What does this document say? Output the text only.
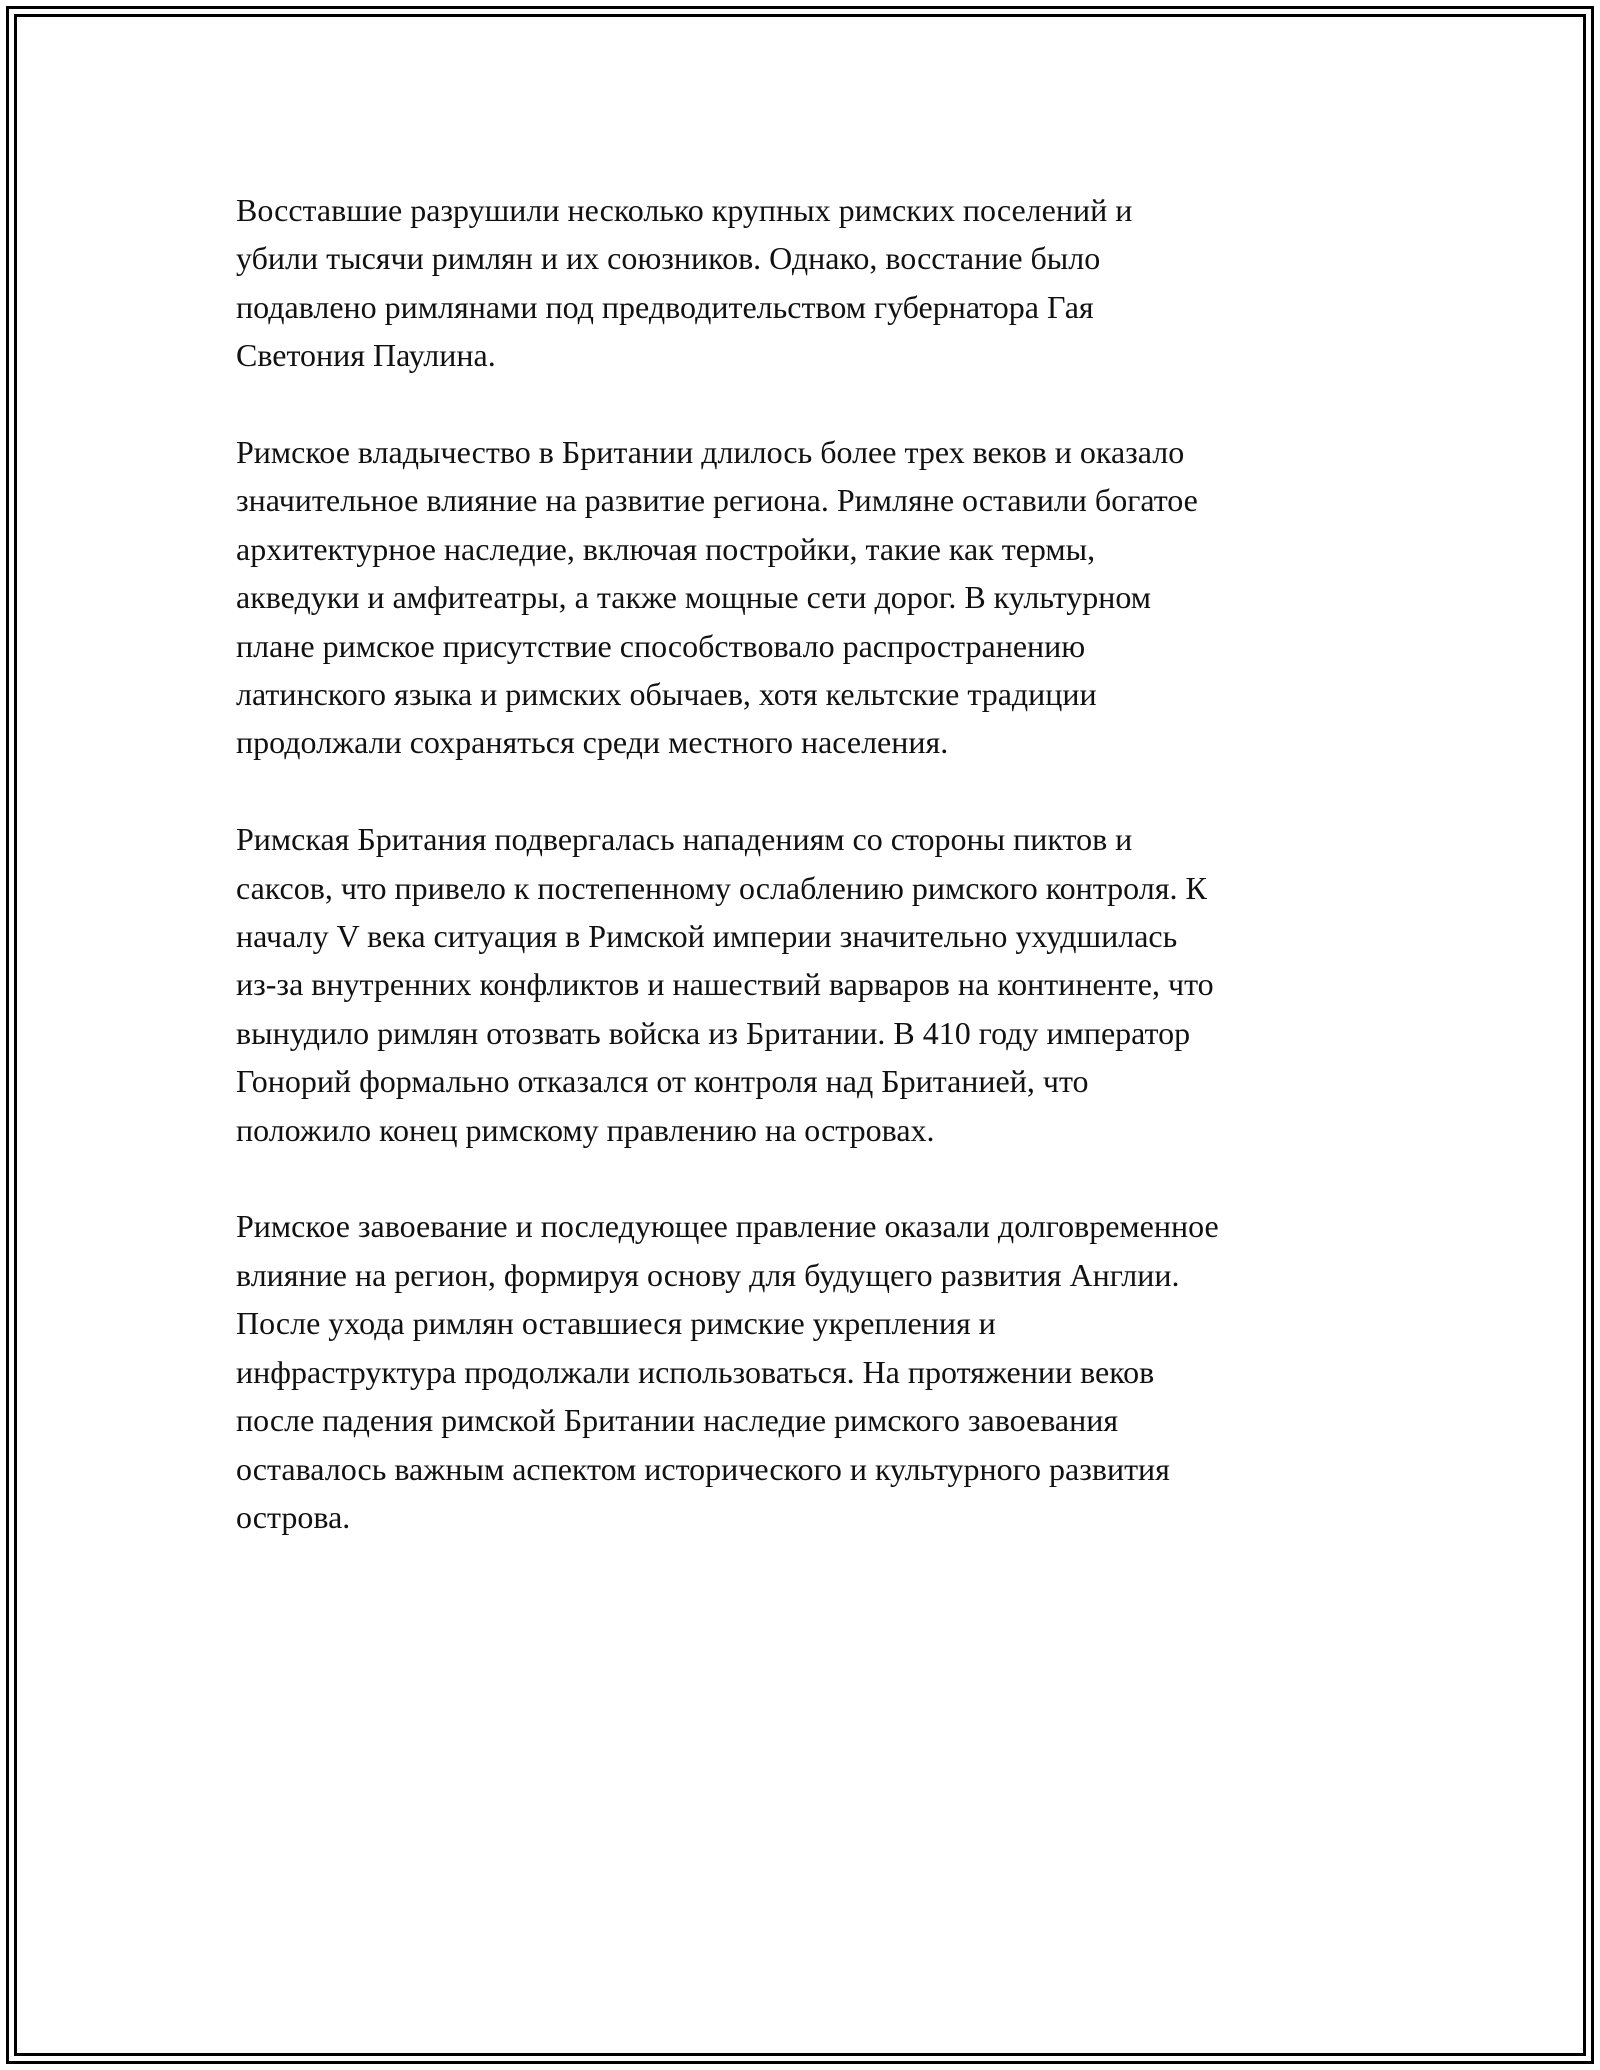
Восставшие разрушили несколько крупных римских поселений и
убили тысячи римлян и их союзников. Однако, восстание было
подавлено римлянами под предводительством губернатора Гая
Светония Паулина.

Римское владычество в Британии длилось более трех веков и оказало
значительное влияние на развитие региона. Римляне оставили богатое
архитектурное наследие, включая постройки, такие как термы,
акведуки и амфитеатры, а также мощные сети дорог. В культурном
плане римское присутствие способствовало распространению
латинского языка и римских обычаев, хотя кельтские традиции
продолжали сохраняться среди местного населения.

Римская Британия подвергалась нападениям со стороны пиктов и
саксов, что привело к постепенному ослаблению римского контроля. К
началу V века ситуация в Римской империи значительно ухудшилась
из-за внутренних конфликтов и нашествий варваров на континенте, что
вынудило римлян отозвать войска из Британии. В 410 году император
Гонорий формально отказался от контроля над Британией, что
положило конец римскому правлению на островах.

Римское завоевание и последующее правление оказали долговременное
влияние на регион, формируя основу для будущего развития Англии.
После ухода римлян оставшиеся римские укрепления и
инфраструктура продолжали использоваться. На протяжении веков
после падения римской Британии наследие римского завоевания
оставалось важным аспектом исторического и культурного развития
острова.
